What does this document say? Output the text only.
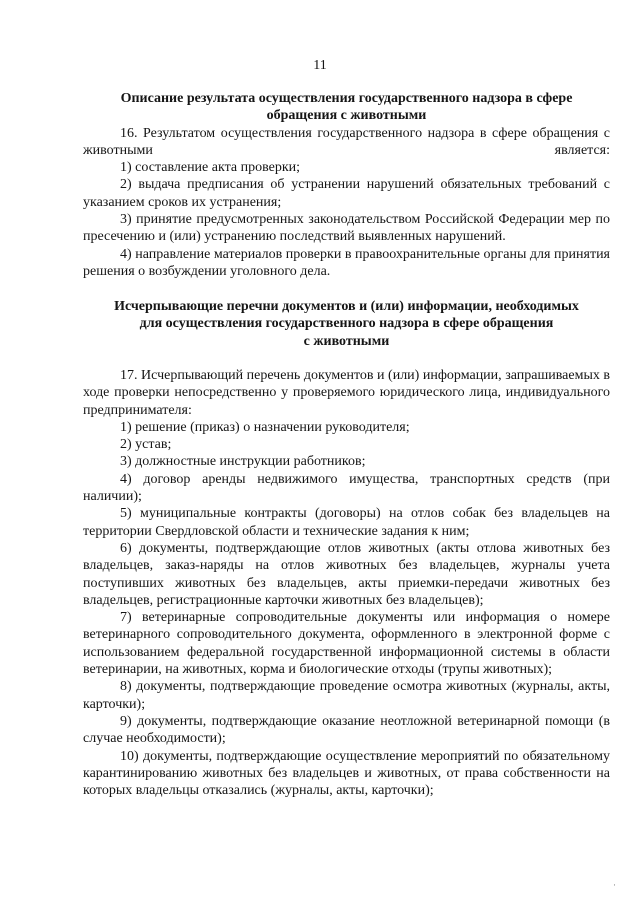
11
Описание результата осуществления государственного надзора в сфере
обращения с животными

16. Результатом осуществления государственного надзора в сфере обращения с животными является:

1) составление акта проверки;

2) выдача предписания об устранении нарушений обязательных требований с указанием сроков их устранения;

3) принятие предусмотренных законодательством Российской Федерации мер по пресечению и (или) устранению последствий выявленных нарушений.

4) направление материалов проверки в правоохранительные органы для принятия решения о возбуждении уголовного дела.

Исчерпывающие перечни документов и (или) информации, необходимых
для осуществления государственного надзора в сфере обращения
с животными

17. Исчерпывающий перечень документов и (или) информации, запрашиваемых в ходе проверки непосредственно у проверяемого юридического лица, индивидуального предпринимателя:

1) решение (приказ) о назначении руководителя;

2) устав;

3) должностные инструкции работников;

4) договор аренды недвижимого имущества, транспортных средств (при наличии);

5) муниципальные контракты (договоры) на отлов собак без владельцев на территории Свердловской области и технические задания к ним;

6) документы, подтверждающие отлов животных (акты отлова животных без владельцев, заказ-наряды на отлов животных без владельцев, журналы учета поступивших животных без владельцев, акты приемки-передачи животных без владельцев, регистрационные карточки животных без владельцев);

7) ветеринарные сопроводительные документы или информация о номере ветеринарного сопроводительного документа, оформленного в электронной форме с использованием федеральной государственной информационной системы в области ветеринарии, на животных, корма и биологические отходы (трупы животных);

8) документы, подтверждающие проведение осмотра животных (журналы, акты, карточки);

9) документы, подтверждающие оказание неотложной ветеринарной помощи (в случае необходимости);

10) документы, подтверждающие осуществление мероприятий по обязательному карантинированию животных без владельцев и животных, от права собственности на которых владельцы отказались (журналы, акты, карточки);

·
